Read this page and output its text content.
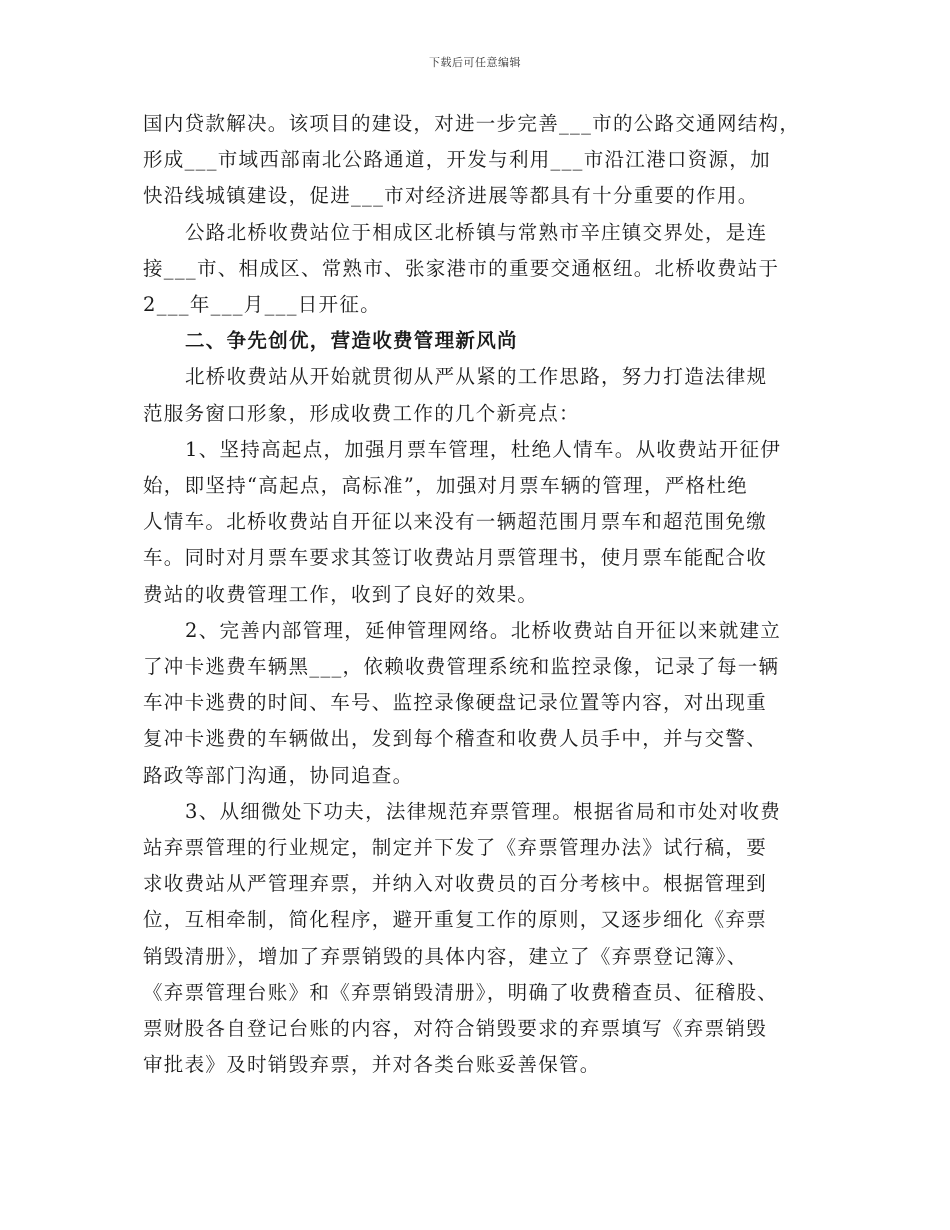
下载后可任意编辑
国内贷款解决。该项目的建设，对进一步完善___市的公路交通网结构，
形成___市域西部南北公路通道，开发与利用___市沿江港口资源，加
快沿线城镇建设，促进___市对经济进展等都具有十分重要的作用。
公路北桥收费站位于相成区北桥镇与常熟市辛庄镇交界处，是连
接___市、相成区、常熟市、张家港市的重要交通枢纽。北桥收费站于
2___年___月___日开征。
二、争先创优，营造收费管理新风尚
北桥收费站从开始就贯彻从严从紧的工作思路，努力打造法律规
范服务窗口形象，形成收费工作的几个新亮点：
1、坚持高起点，加强月票车管理，杜绝人情车。从收费站开征伊
始，即坚持“高起点，高标准”，加强对月票车辆的管理，严格杜绝
人情车。北桥收费站自开征以来没有一辆超范围月票车和超范围免缴
车。同时对月票车要求其签订收费站月票管理书，使月票车能配合收
费站的收费管理工作，收到了良好的效果。
2、完善内部管理，延伸管理网络。北桥收费站自开征以来就建立
了冲卡逃费车辆黑___，依赖收费管理系统和监控录像，记录了每一辆
车冲卡逃费的时间、车号、监控录像硬盘记录位置等内容，对出现重
复冲卡逃费的车辆做出，发到每个稽查和收费人员手中，并与交警、
路政等部门沟通，协同追查。
3、从细微处下功夫，法律规范弃票管理。根据省局和市处对收费
站弃票管理的行业规定，制定并下发了《弃票管理办法》试行稿，要
求收费站从严管理弃票，并纳入对收费员的百分考核中。根据管理到
位，互相牵制，简化程序，避开重复工作的原则，又逐步细化《弃票
销毁清册》，增加了弃票销毁的具体内容，建立了《弃票登记簿》、
《弃票管理台账》和《弃票销毁清册》，明确了收费稽查员、征稽股、
票财股各自登记台账的内容，对符合销毁要求的弃票填写《弃票销毁
审批表》及时销毁弃票，并对各类台账妥善保管。
